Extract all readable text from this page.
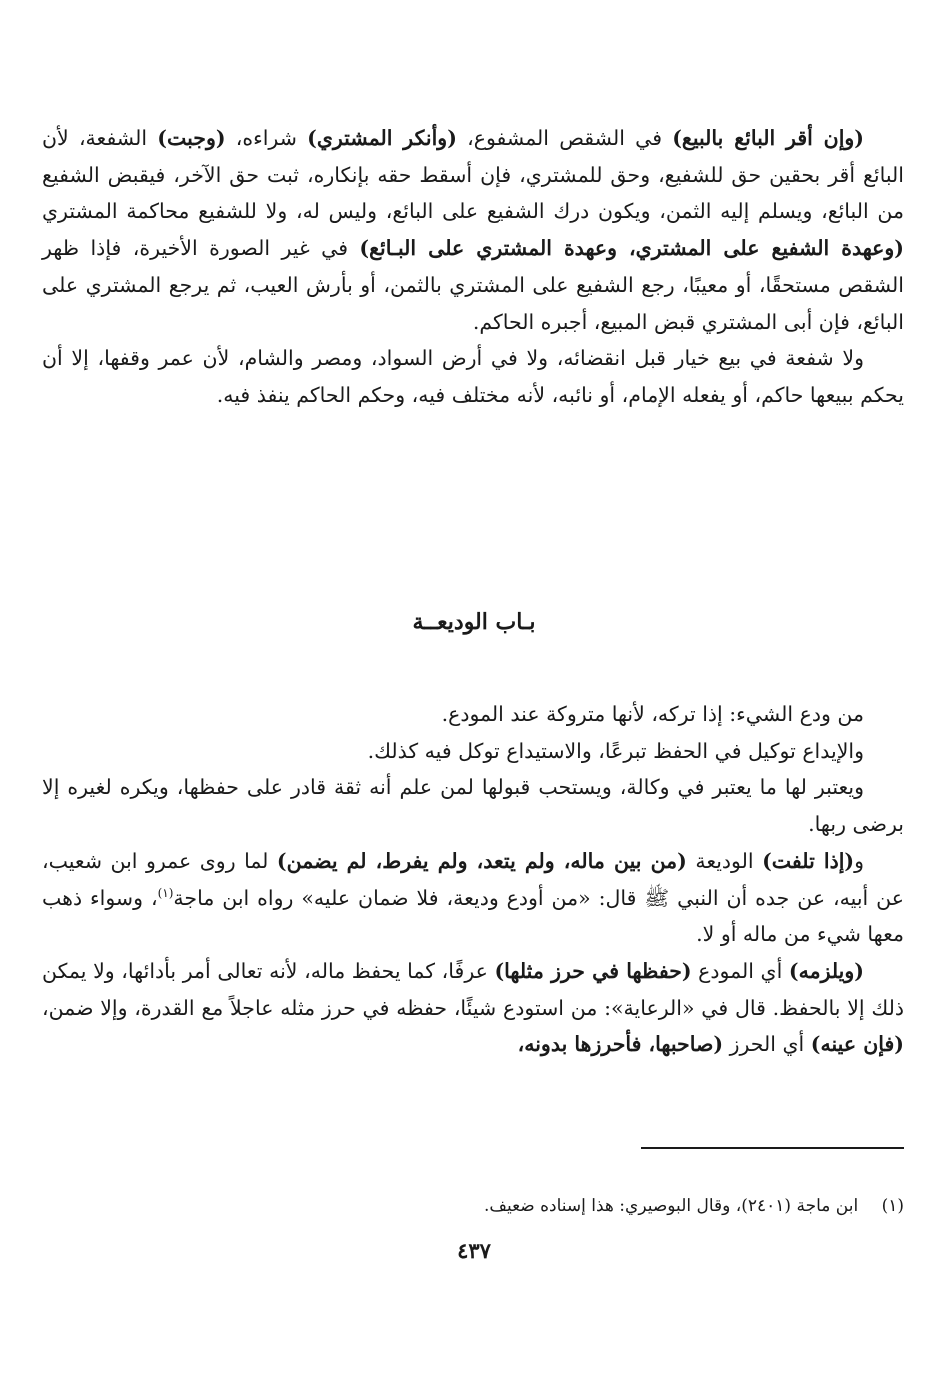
(وإن أقر البائع بالبيع) في الشقص المشفوع، (وأنكر المشتري) شراءه، (وجبت) الشفعة، لأن البائع أقر بحقين حق للشفيع، وحق للمشتري، فإن أسقط حقه بإنكاره، ثبت حق الآخر، فيقبض الشفيع من البائع، ويسلم إليه الثمن، ويكون درك الشفيع على البائع، وليس له، ولا للشفيع محاكمة المشتري (وعهدة الشفيع على المشتري، وعهدة المشتري على البـائع) في غير الصورة الأخيرة، فإذا ظهر الشقص مستحقًا، أو معيبًا، رجع الشفيع على المشتري بالثمن، أو بأرش العيب، ثم يرجع المشتري على البائع، فإن أبى المشتري قبض المبيع، أجبره الحاكم.

ولا شفعة في بيع خيار قبل انقضائه، ولا في أرض السواد، ومصر والشام، لأن عمر وقفها، إلا أن يحكم ببيعها حاكم، أو يفعله الإمام، أو نائبه، لأنه مختلف فيه، وحكم الحاكم ينفذ فيه.

بـاب الوديعــة

من ودع الشيء: إذا تركه، لأنها متروكة عند المودع.

والإيداع توكيل في الحفظ تبرعًا، والاستيداع توكل فيه كذلك.

ويعتبر لها ما يعتبر في وكالة، ويستحب قبولها لمن علم أنه ثقة قادر على حفظها، ويكره لغيره إلا برضى ربها.

و(إذا تلفت) الوديعة (من بين ماله، ولم يتعد، ولم يفرط، لم يضمن) لما روى عمرو ابن شعيب، عن أبيه، عن جده أن النبي ﷺ قال: «من أودع وديعة، فلا ضمان عليه» رواه ابن ماجة$^{(١)}$، وسواء ذهب معها شيء من ماله أو لا.

(ويلزمه) أي المودع (حفظها في حرز مثلها) عرفًا، كما يحفظ ماله، لأنه تعالى أمر بأدائها، ولا يمكن ذلك إلا بالحفظ. قال في «الرعاية»: من استودع شيئًا، حفظه في حرز مثله عاجلاً مع القدرة، وإلا ضمن، (فإن عينه) أي الحرز (صاحبها، فأحرزها بدونه،

(١) ابن ماجة (٢٤٠١)، وقال البوصيري: هذا إسناده ضعيف.
٤٣٧
